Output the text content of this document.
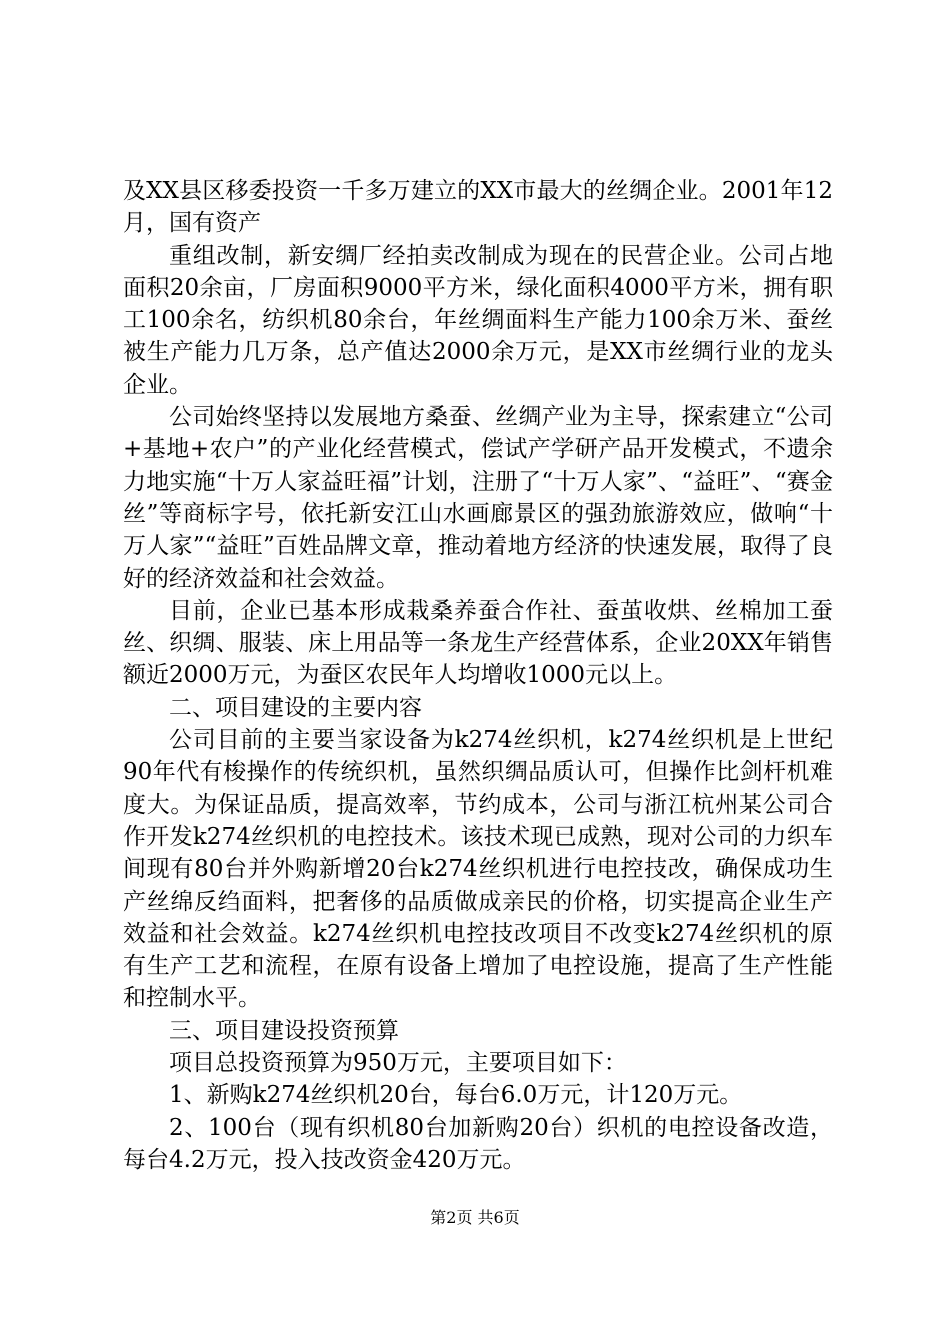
及XX县区移委投资一千多万建立的XX市最大的丝绸企业。2001年12月，国有资产

重组改制，新安绸厂经拍卖改制成为现在的民营企业。公司占地面积20余亩，厂房面积9000平方米，绿化面积4000平方米，拥有职工100余名，纺织机80余台，年丝绸面料生产能力100余万米、蚕丝被生产能力几万条，总产值达2000余万元，是XX市丝绸行业的龙头企业。

公司始终坚持以发展地方桑蚕、丝绸产业为主导，探索建立“公司+基地+农户”的产业化经营模式，偿试产学研产品开发模式，不遗余力地实施“十万人家益旺福”计划，注册了“十万人家”、“益旺”、“赛金丝”等商标字号，依托新安江山水画廊景区的强劲旅游效应，做响“十万人家”“益旺”百姓品牌文章，推动着地方经济的快速发展，取得了良好的经济效益和社会效益。

目前，企业已基本形成栽桑养蚕合作社、蚕茧收烘、丝棉加工蚕丝、织绸、服装、床上用品等一条龙生产经营体系，企业20XX年销售额近2000万元，为蚕区农民年人均增收1000元以上。

二、项目建设的主要内容

公司目前的主要当家设备为k274丝织机，k274丝织机是上世纪90年代有梭操作的传统织机，虽然织绸品质认可，但操作比剑杆机难度大。为保证品质，提高效率，节约成本，公司与浙江杭州某公司合作开发k274丝织机的电控技术。该技术现已成熟，现对公司的力织车间现有80台并外购新增20台k274丝织机进行电控技改，确保成功生产丝绵反绉面料，把奢侈的品质做成亲民的价格，切实提高企业生产效益和社会效益。k274丝织机电控技改项目不改变k274丝织机的原有生产工艺和流程，在原有设备上增加了电控设施，提高了生产性能和控制水平。

三、项目建设投资预算

项目总投资预算为950万元，主要项目如下：

1、新购k274丝织机20台，每台6.0万元，计120万元。

2、100台（现有织机80台加新购20台）织机的电控设备改造，每台4.2万元，投入技改资金420万元。

第2页 共6页
